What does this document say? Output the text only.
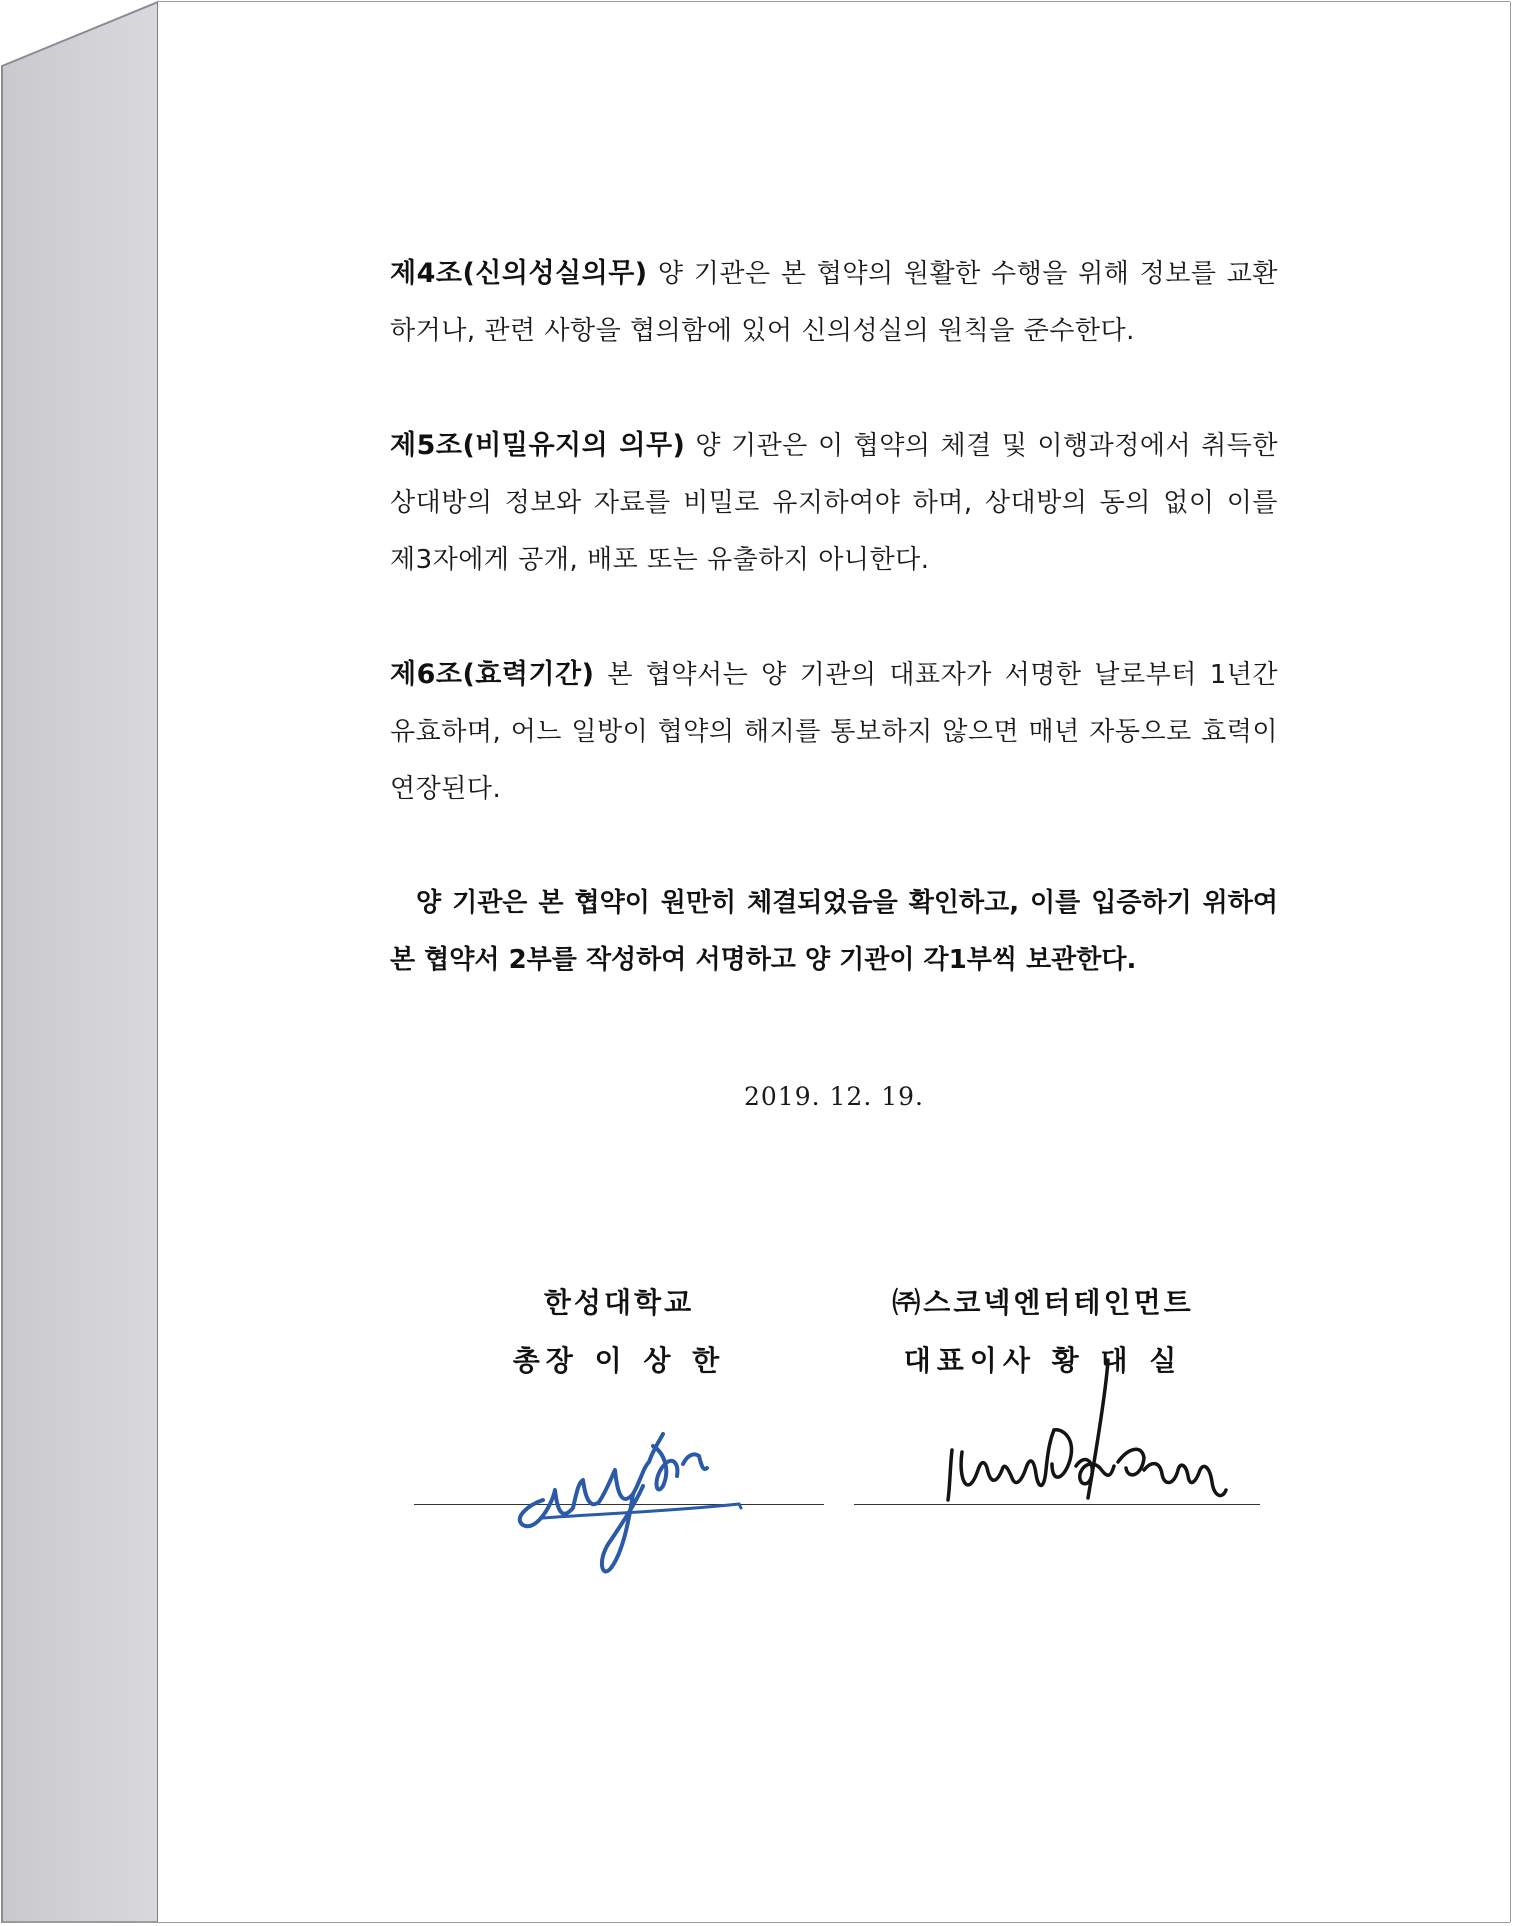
제4조(신의성실의무) 양 기관은 본 협약의 원활한 수행을 위해 정보를 교환하거나, 관련 사항을 협의함에 있어 신의성실의 원칙을 준수한다.

제5조(비밀유지의 의무) 양 기관은 이 협약의 체결 및 이행과정에서 취득한 상대방의 정보와 자료를 비밀로 유지하여야 하며, 상대방의 동의 없이 이를 제3자에게 공개, 배포 또는 유출하지 아니한다.

제6조(효력기간) 본 협약서는 양 기관의 대표자가 서명한 날로부터 1년간 유효하며, 어느 일방이 협약의 해지를 통보하지 않으면 매년 자동으로 효력이 연장된다.

양 기관은 본 협약이 원만히 체결되었음을 확인하고, 이를 입증하기 위하여 본 협약서 2부를 작성하여 서명하고 양 기관이 각1부씩 보관한다.

2019. 12. 19.
한성대학교
총장 이 상 한
㈜스코넥엔터테인먼트
대표이사 황 대 실
